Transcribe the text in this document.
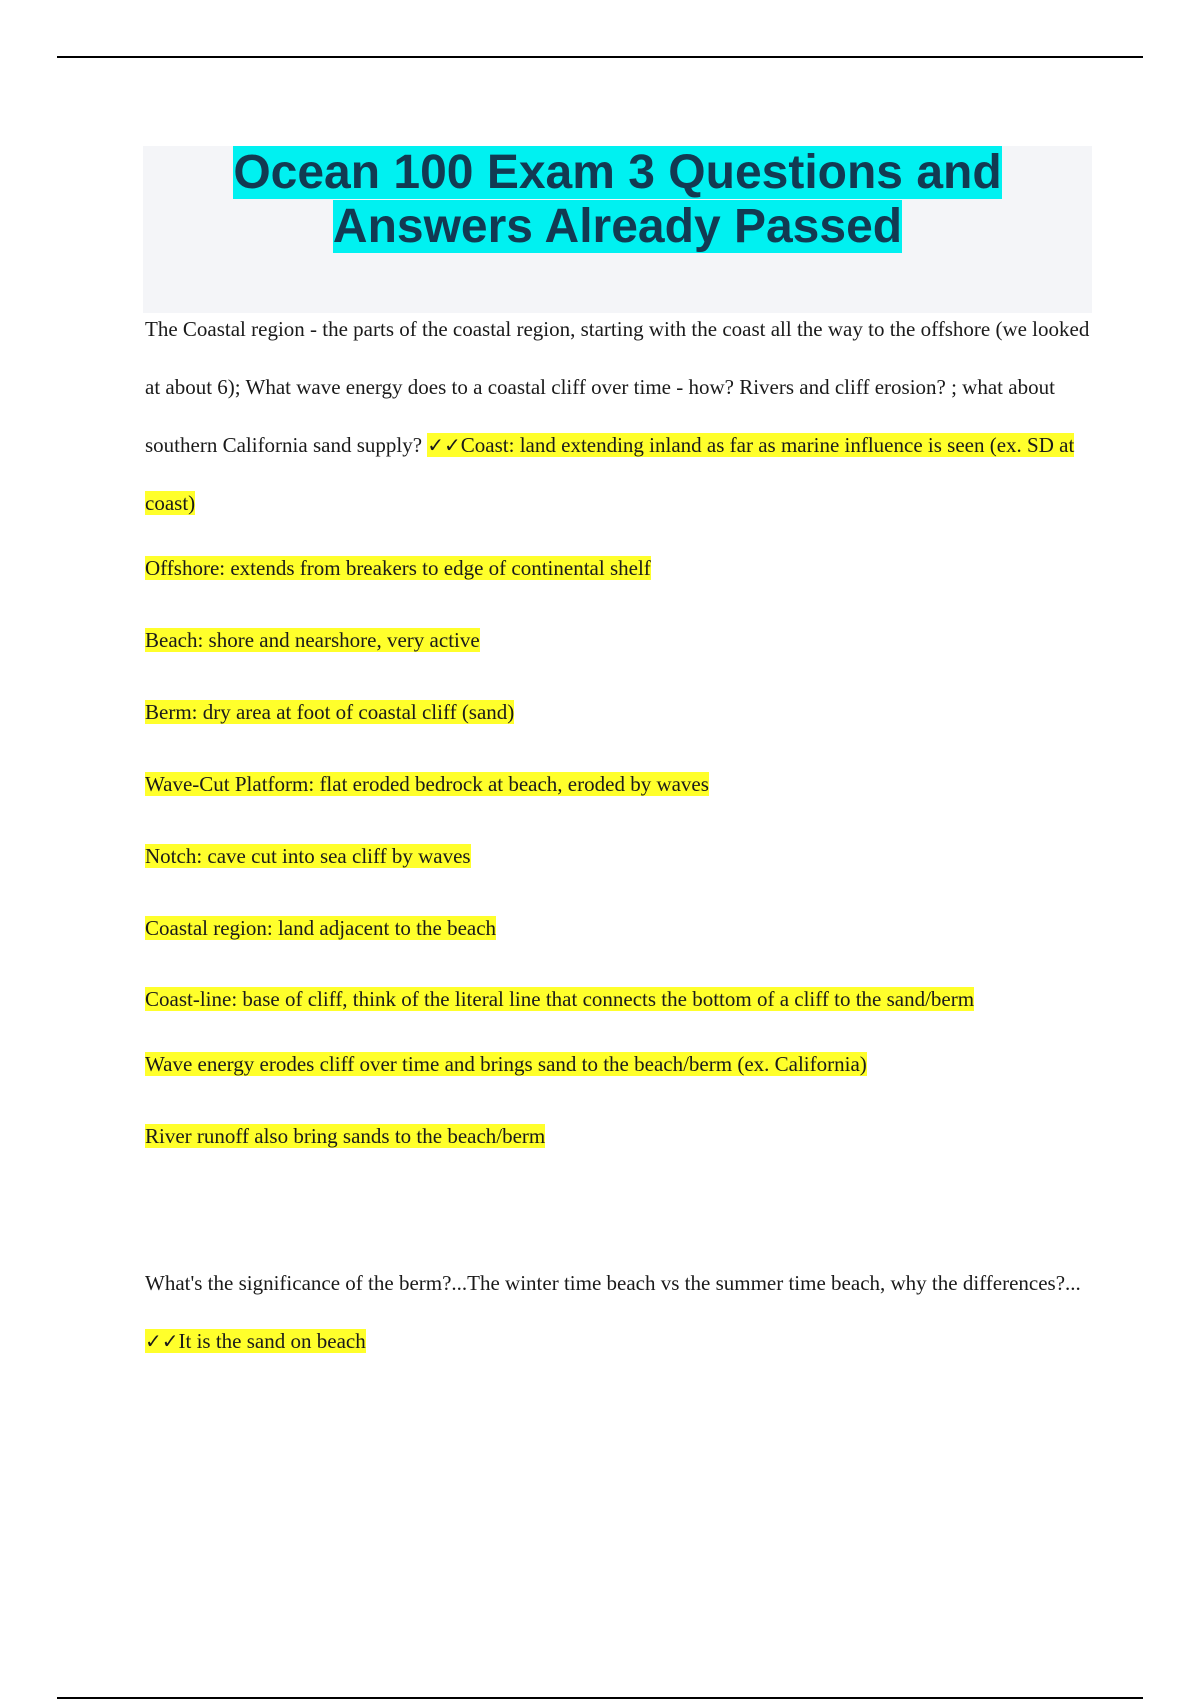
Ocean 100 Exam 3 Questions and Answers Already Passed

The Coastal region - the parts of the coastal region, starting with the coast all the way to the offshore (we looked at about 6); What wave energy does to a coastal cliff over time - how? Rivers and cliff erosion? ; what about southern California sand supply? ✓✓Coast: land extending inland as far as marine influence is seen (ex. SD at coast)

Offshore: extends from breakers to edge of continental shelf

Beach: shore and nearshore, very active

Berm: dry area at foot of coastal cliff (sand)

Wave-Cut Platform: flat eroded bedrock at beach, eroded by waves

Notch: cave cut into sea cliff by waves

Coastal region: land adjacent to the beach

Coast-line: base of cliff, think of the literal line that connects the bottom of a cliff to the sand/berm

Wave energy erodes cliff over time and brings sand to the beach/berm (ex. California)

River runoff also bring sands to the beach/berm

What's the significance of the berm?...The winter time beach vs the summer time beach, why the differences?... ✓✓It is the sand on beach
